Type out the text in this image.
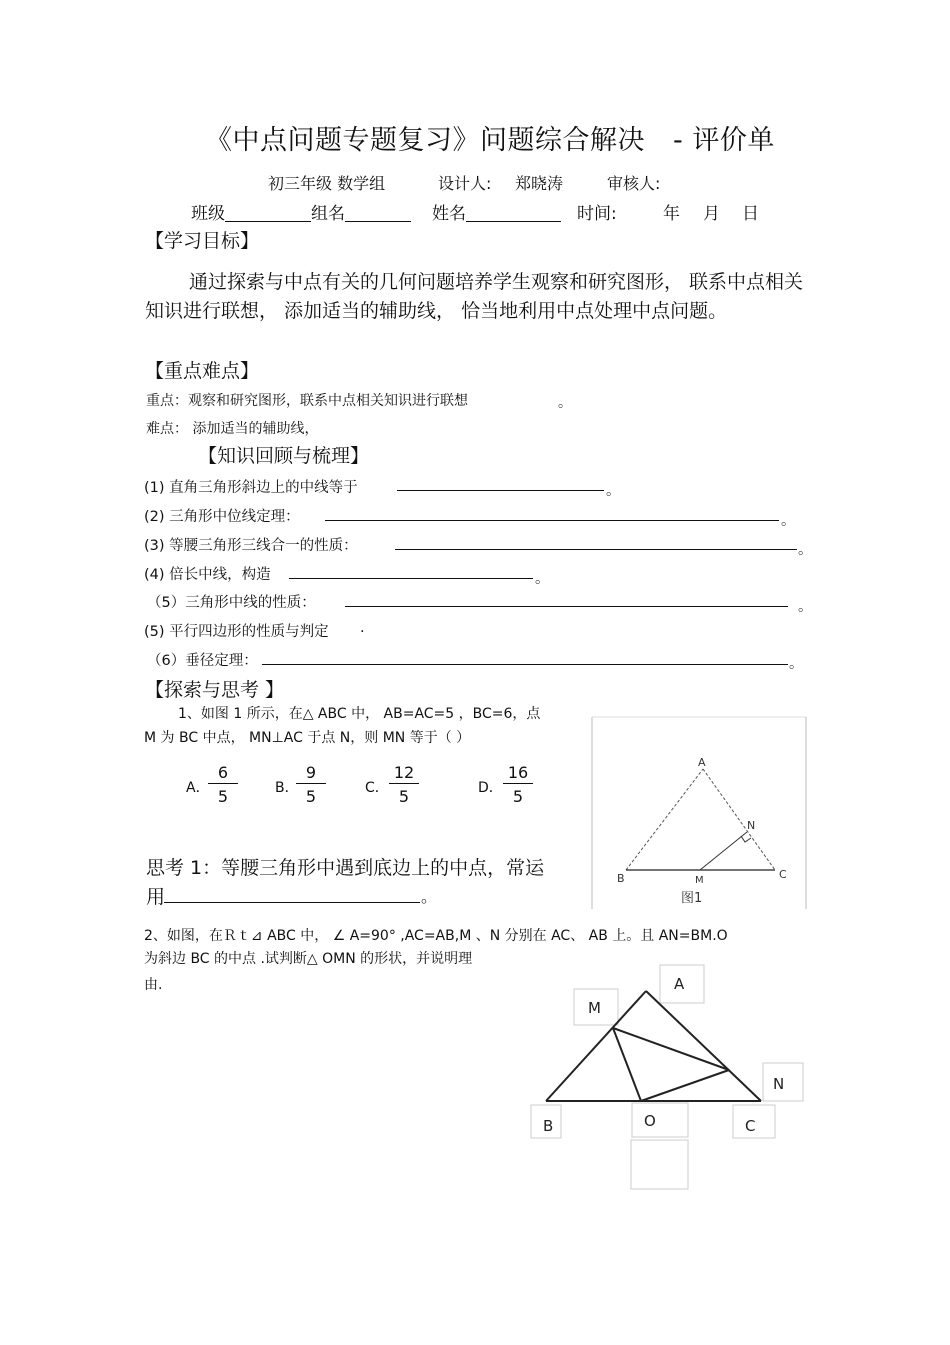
《中点问题专题复习》问题综合解决 - 评价单
初三年级 数学组	设计人: 郑晓涛	审核人:
班级	组名	姓名	时间:	年 月 日
【学习目标】
通过探索与中点有关的几何问题培养学生观察和研究图形， 联系中点相关知识进行联想， 添加适当的辅助线， 恰当地利用中点处理中点问题。
【重点难点】
重点：观察和研究图形，联系中点相关知识进行联想	。
难点： 添加适当的辅助线，
【知识回顾与梳理】
(1) 直角三角形斜边上的中线等于	。
(2) 三角形中位线定理：	。
(3) 等腰三角形三线合一的性质：	。
(4) 倍长中线，构造	。
（5）三角形中线的性质：	。
(5) 平行四边形的性质与判定 .
（6）垂径定理：	。
【探索与思考 】
1、如图 1 所示，在△ ABC 中， AB=AC=5 ，BC=6，点
M 为 BC 中点， MN⊥AC 于点 N，则 MN 等于（ ）
A．
$\frac{6}{5}$	B．
$\frac{9}{5}$	C． $\frac{12}{5}$	D． $\frac{16}{5}$
思考 1：等腰三角形中遇到底边上的中点，常运
用	。
A
B	C
M
N
图1
2、如图，在Ｒｔ⊿ ABC 中， ∠ A=90° ,AC=AB,M 、N 分别在 AC、 AB 上。且 AN=BM.O
为斜边 BC 的中点 .试判断△ OMN 的形状，并说明理
由.	A
M
N
B	O	C
